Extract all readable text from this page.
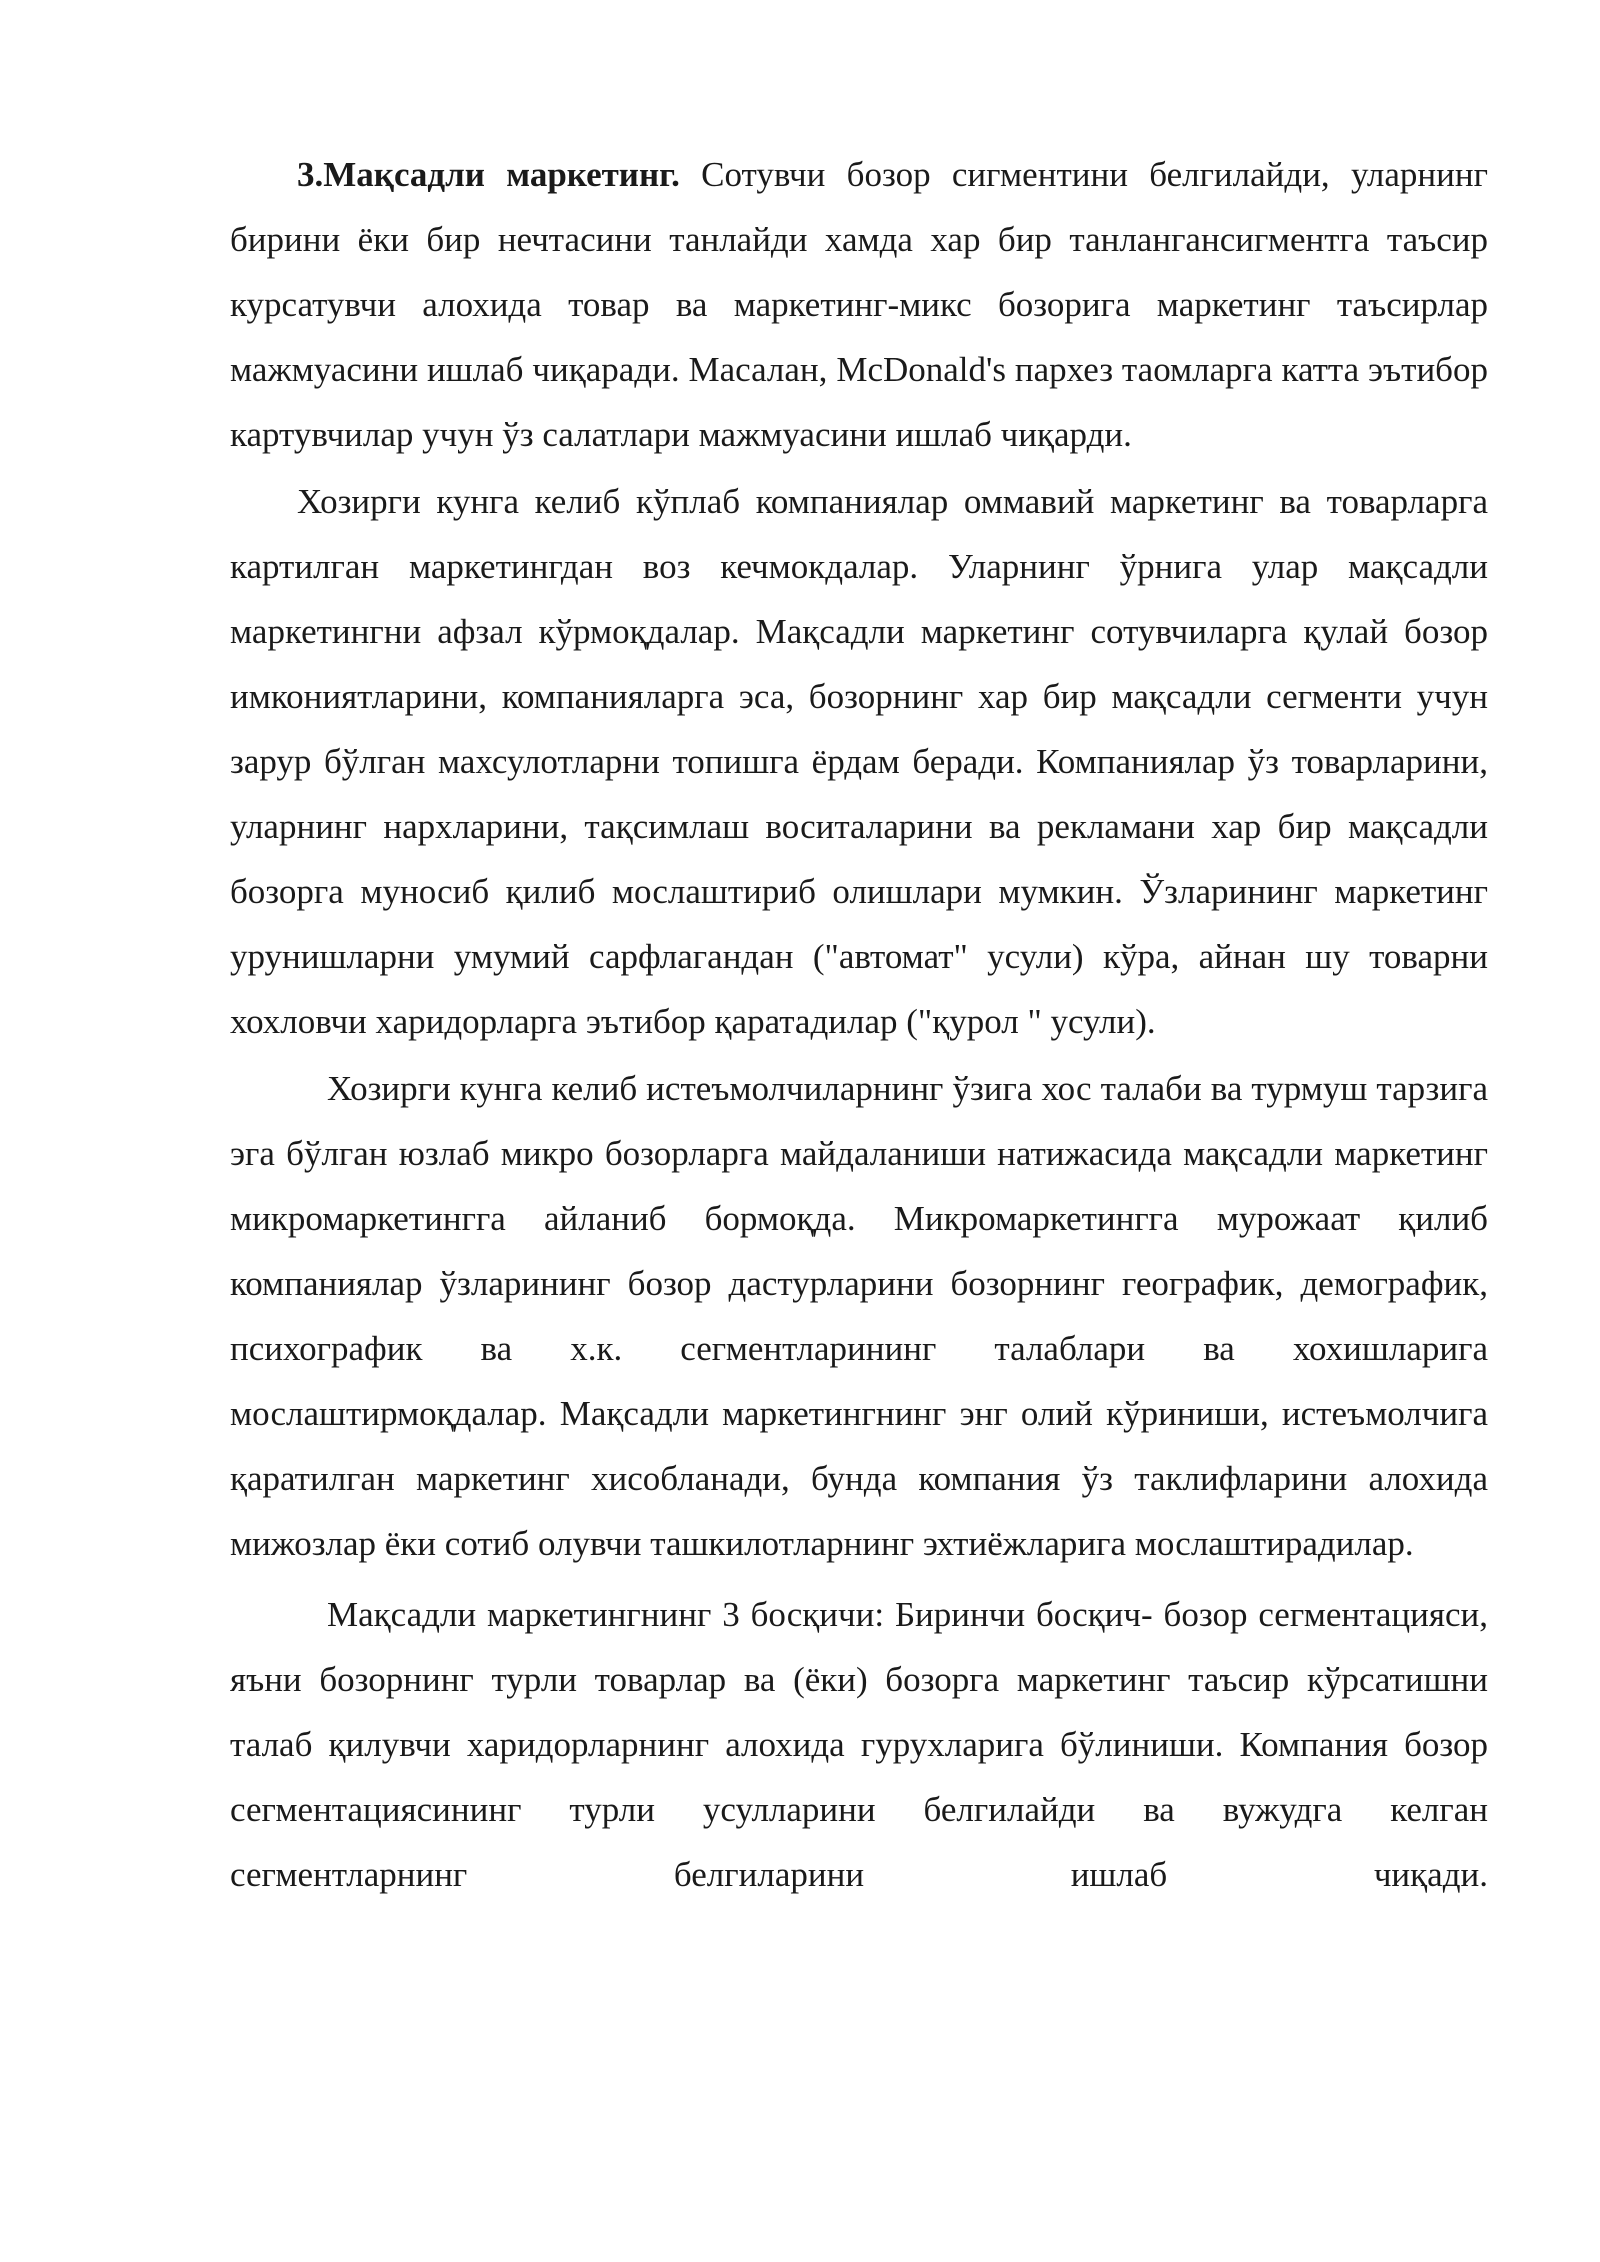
3.Мақсадли маркетинг. Сотувчи бозор сигментини белгилайди, уларнинг бирини ёки бир нечтасини танлайди хамда хар бир танлангансигментга таъсир курсатувчи алохида товар ва маркетинг-микс бозорига маркетинг таъсирлар мажмуасини ишлаб чиқаради. Масалан, McDonald's пархез таомларга катта эътибор картувчилар учун ўз салатлари мажмуасини ишлаб чиқарди.

Хозирги кунга келиб кўплаб компаниялар оммавий маркетинг ва товарларга картилган маркетингдан воз кечмокдалар. Уларнинг ўрнига улар мақсадли маркетингни афзал кўрмоқдалар. Мақсадли маркетинг сотувчиларга қулай бозор имкониятларини, компанияларга эса, бозорнинг хар бир мақсадли сегменти учун зарур бўлган махсулотларни топишга ёрдам беради. Компаниялар ўз товарларини, уларнинг нархларини, тақсимлаш воситаларини ва рекламани хар бир мақсадли бозорга муносиб қилиб мослаштириб олишлари мумкин. Ўзларининг маркетинг урунишларни умумий сарфлагандан ("автомат" усули) кўра, айнан шу товарни хохловчи харидорларга эътибор қаратадилар ("қурол " усули).

Хозирги кунга келиб истеъмолчиларнинг ўзига хос талаби ва турмуш тарзига эга бўлган юзлаб микро бозорларга майдаланиши натижасида мақсадли маркетинг микромаркетингга айланиб бормоқда. Микромаркетингга мурожаат қилиб компаниялар ўзларининг бозор дастурларини бозорнинг географик, демографик, психографик ва х.к. сегментларининг талаблари ва хохишларига мослаштирмоқдалар. Мақсадли маркетингнинг энг олий кўриниши, истеъмолчига қаратилган маркетинг хисобланади, бунда компания ўз таклифларини алохида мижозлар ёки сотиб олувчи ташкилотларнинг эхтиёжларига мослаштирадилар.

Мақсадли маркетингнинг 3 босқичи: Биринчи босқич- бозор сегментацияси, яъни бозорнинг турли товарлар ва (ёки) бозорга маркетинг таъсир кўрсатишни талаб қилувчи харидорларнинг алохида гурухларига бўлиниши. Компания бозор сегментациясининг турли усулларини белгилайди ва вужудга келган сегментларнинг белгиларини ишлаб чиқади.
